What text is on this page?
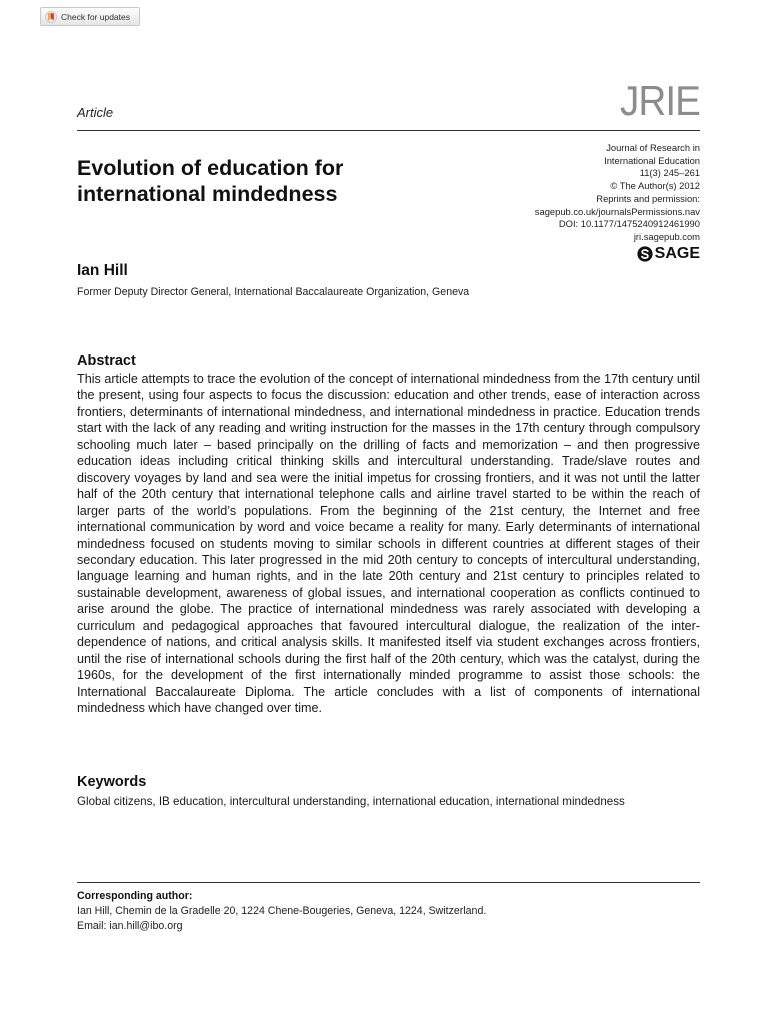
Check for updates
JRIE
Article
Evolution of education for international mindedness
Journal of Research in
International Education
11(3) 245–261
© The Author(s) 2012
Reprints and permission:
sagepub.co.uk/journalsPermissions.nav
DOI: 10.1177/1475240912461990
jri.sagepub.com
SAGE
Ian Hill
Former Deputy Director General, International Baccalaureate Organization, Geneva
Abstract

This article attempts to trace the evolution of the concept of international mindedness from the 17th century until the present, using four aspects to focus the discussion: education and other trends, ease of interaction across frontiers, determinants of international mindedness, and international mindedness in practice. Education trends start with the lack of any reading and writing instruction for the masses in the 17th century through compulsory schooling much later – based principally on the drilling of facts and memorization – and then progressive education ideas including critical thinking skills and intercultural understanding. Trade/slave routes and discovery voyages by land and sea were the initial impetus for crossing frontiers, and it was not until the latter half of the 20th century that international telephone calls and airline travel started to be within the reach of larger parts of the world’s populations. From the beginning of the 21st century, the Internet and free international communication by word and voice became a reality for many. Early determinants of international mindedness focused on students moving to similar schools in different countries at different stages of their secondary education. This later progressed in the mid 20th century to concepts of intercultural understanding, language learning and human rights, and in the late 20th century and 21st century to principles related to sustainable development, awareness of global issues, and international cooperation as conflicts continued to arise around the globe. The practice of international mindedness was rarely associated with developing a curriculum and pedagogical approaches that favoured intercultural dialogue, the realization of the inter-dependence of nations, and critical analysis skills. It manifested itself via student exchanges across frontiers, until the rise of international schools during the first half of the 20th century, which was the catalyst, during the 1960s, for the development of the first internationally minded programme to assist those schools: the International Baccalaureate Diploma. The article concludes with a list of components of international mindedness which have changed over time.

Keywords
Global citizens, IB education, intercultural understanding, international education, international mindedness
Corresponding author:
Ian Hill, Chemin de la Gradelle 20, 1224 Chene-Bougeries, Geneva, 1224, Switzerland.
Email: ian.hill@ibo.org
